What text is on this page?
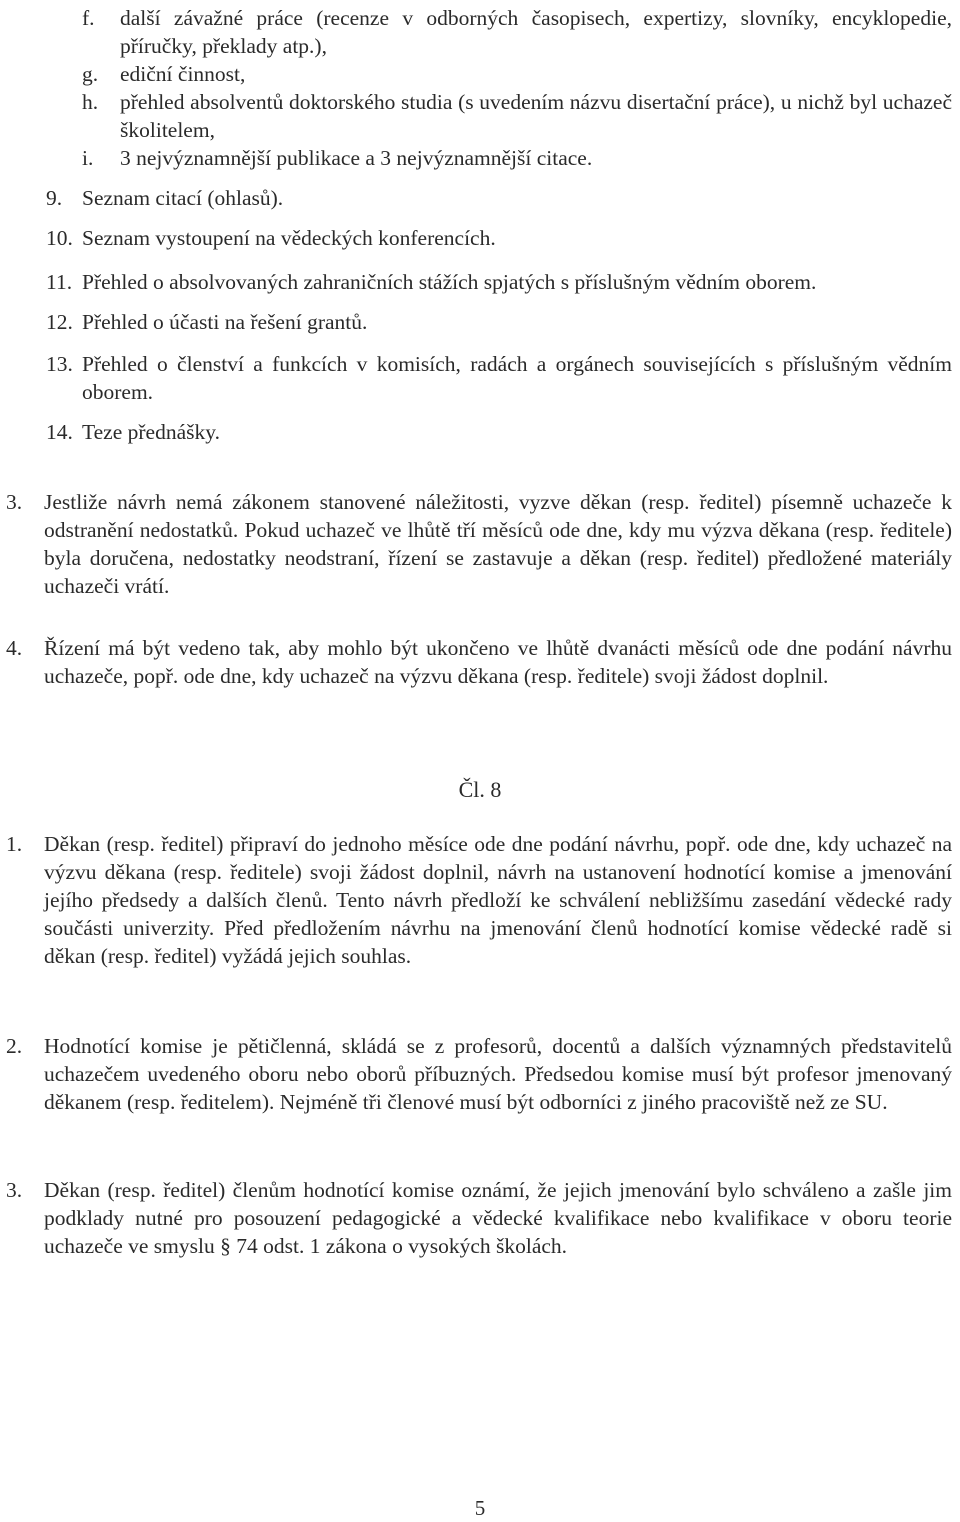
f. další závažné práce (recenze v odborných časopisech, expertizy, slovníky, encyklopedie, příručky, překlady atp.),
g. ediční činnost,
h. přehled absolventů doktorského studia (s uvedením názvu disertační práce), u nichž byl uchazeč školitelem,
i. 3 nejvýznamnější publikace a 3 nejvýznamnější citace.
9. Seznam citací (ohlasů).
10. Seznam vystoupení na vědeckých konferencích.
11. Přehled o absolvovaných zahraničních stážích spjatých s příslušným vědním oborem.
12. Přehled o účasti na řešení grantů.
13. Přehled o členství a funkcích v komisích, radách a orgánech souvisejících s příslušným vědním oborem.
14. Teze přednášky.
3. Jestliže návrh nemá zákonem stanovené náležitosti, vyzve děkan (resp. ředitel) písemně uchazeče k odstranění nedostatků. Pokud uchazeč ve lhůtě tří měsíců ode dne, kdy mu výzva děkana (resp. ředitele) byla doručena, nedostatky neodstraní, řízení se zastavuje a děkan (resp. ředitel) předložené materiály uchazeči vrátí.
4. Řízení má být vedeno tak, aby mohlo být ukončeno ve lhůtě dvanácti měsíců ode dne podání návrhu uchazeče, popř. ode dne, kdy uchazeč na výzvu děkana (resp. ředitele) svoji žádost doplnil.
Čl. 8
1. Děkan (resp. ředitel) připraví do jednoho měsíce ode dne podání návrhu, popř. ode dne, kdy uchazeč na výzvu děkana (resp. ředitele) svoji žádost doplnil, návrh na ustanovení hodnotící komise a jmenování jejího předsedy a dalších členů. Tento návrh předloží ke schválení nebližšímu zasedání vědecké rady součásti univerzity. Před předložením návrhu na jmenování členů hodnotící komise vědecké radě si děkan (resp. ředitel) vyžádá jejich souhlas.
2. Hodnotící komise je pětičlenná, skládá se z profesorů, docentů a dalších významných představitelů uchazečem uvedeného oboru nebo oborů příbuzných. Předsedou komise musí být profesor jmenovaný děkanem (resp. ředitelem). Nejméně tři členové musí být odborníci z jiného pracoviště než ze SU.
3. Děkan (resp. ředitel) členům hodnotící komise oznámí, že jejich jmenování bylo schváleno a zašle jim podklady nutné pro posouzení pedagogické a vědecké kvalifikace nebo kvalifikace v oboru teorie uchazeče ve smyslu § 74 odst. 1 zákona o vysokých školách.
5
